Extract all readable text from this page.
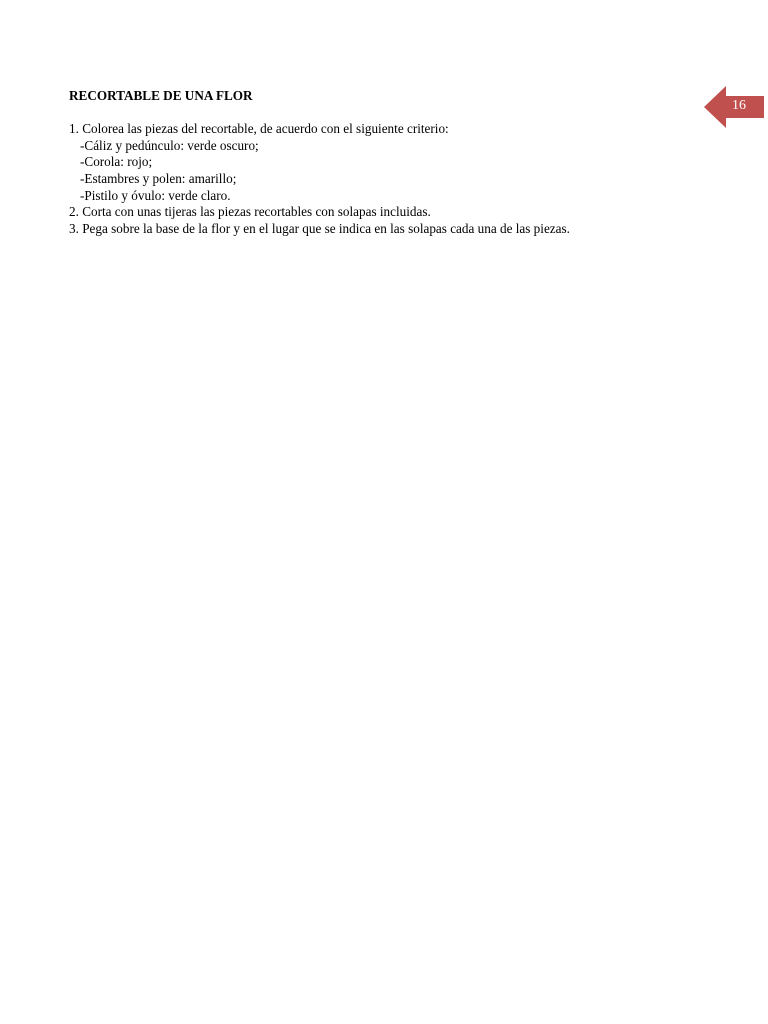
16
RECORTABLE DE UNA FLOR
1. Colorea las piezas del recortable, de acuerdo con el siguiente criterio:
-Cáliz y pedúnculo: verde oscuro;
-Corola: rojo;
-Estambres y polen: amarillo;
-Pistilo y óvulo: verde claro.
2. Corta con unas tijeras las piezas recortables con solapas incluidas.
3. Pega sobre la base de la flor y en el lugar que se indica en las solapas cada una de las piezas.
